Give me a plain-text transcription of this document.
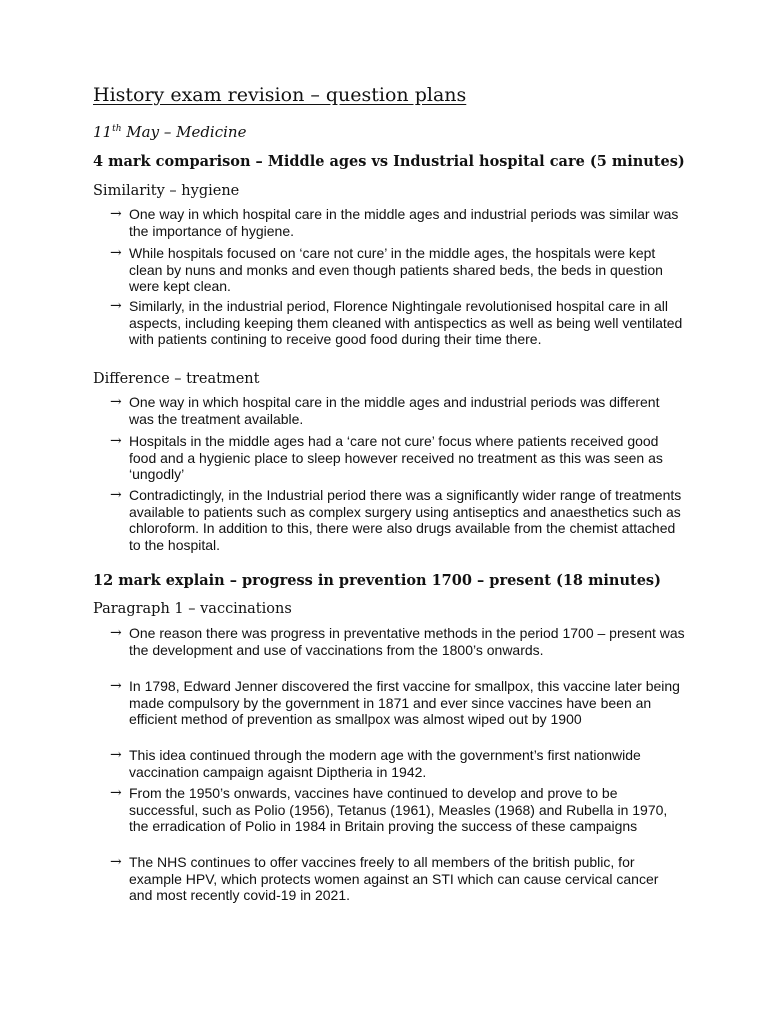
History exam revision – question plans
11th May – Medicine
4 mark comparison – Middle ages vs Industrial hospital care (5 minutes)
Similarity – hygiene
→ One way in which hospital care in the middle ages and industrial periods was similar was the importance of hygiene.
→ While hospitals focused on ‘care not cure’ in the middle ages, the hospitals were kept clean by nuns and monks and even though patients shared beds, the beds in question were kept clean.
→ Similarly, in the industrial period, Florence Nightingale revolutionised hospital care in all aspects, including keeping them cleaned with antispectics as well as being well ventilated with patients contining to receive good food during their time there.
Difference – treatment
→ One way in which hospital care in the middle ages and industrial periods was different was the treatment available.
→ Hospitals in the middle ages had a ‘care not cure’ focus where patients received good food and a hygienic place to sleep however received no treatment as this was seen as ‘ungodly’
→ Contradictingly, in the Industrial period there was a significantly wider range of treatments available to patients such as complex surgery using antiseptics and anaesthetics such as chloroform. In addition to this, there were also drugs available from the chemist attached to the hospital.
12 mark explain – progress in prevention 1700 – present (18 minutes)
Paragraph 1 – vaccinations
→ One reason there was progress in preventative methods in the period 1700 – present was the development and use of vaccinations from the 1800’s onwards.
→ In 1798, Edward Jenner discovered the first vaccine for smallpox, this vaccine later being made compulsory by the government in 1871 and ever since vaccines have been an efficient method of prevention as smallpox was almost wiped out by 1900
→ This idea continued through the modern age with the government’s first nationwide vaccination campaign agaisnt Diptheria in 1942.
→ From the 1950’s onwards, vaccines have continued to develop and prove to be successful, such as Polio (1956), Tetanus (1961), Measles (1968) and Rubella in 1970, the erradication of Polio in 1984 in Britain proving the success of these campaigns
→ The NHS continues to offer vaccines freely to all members of the british public, for example HPV, which protects women against an STI which can cause cervical cancer and most recently covid-19 in 2021.
